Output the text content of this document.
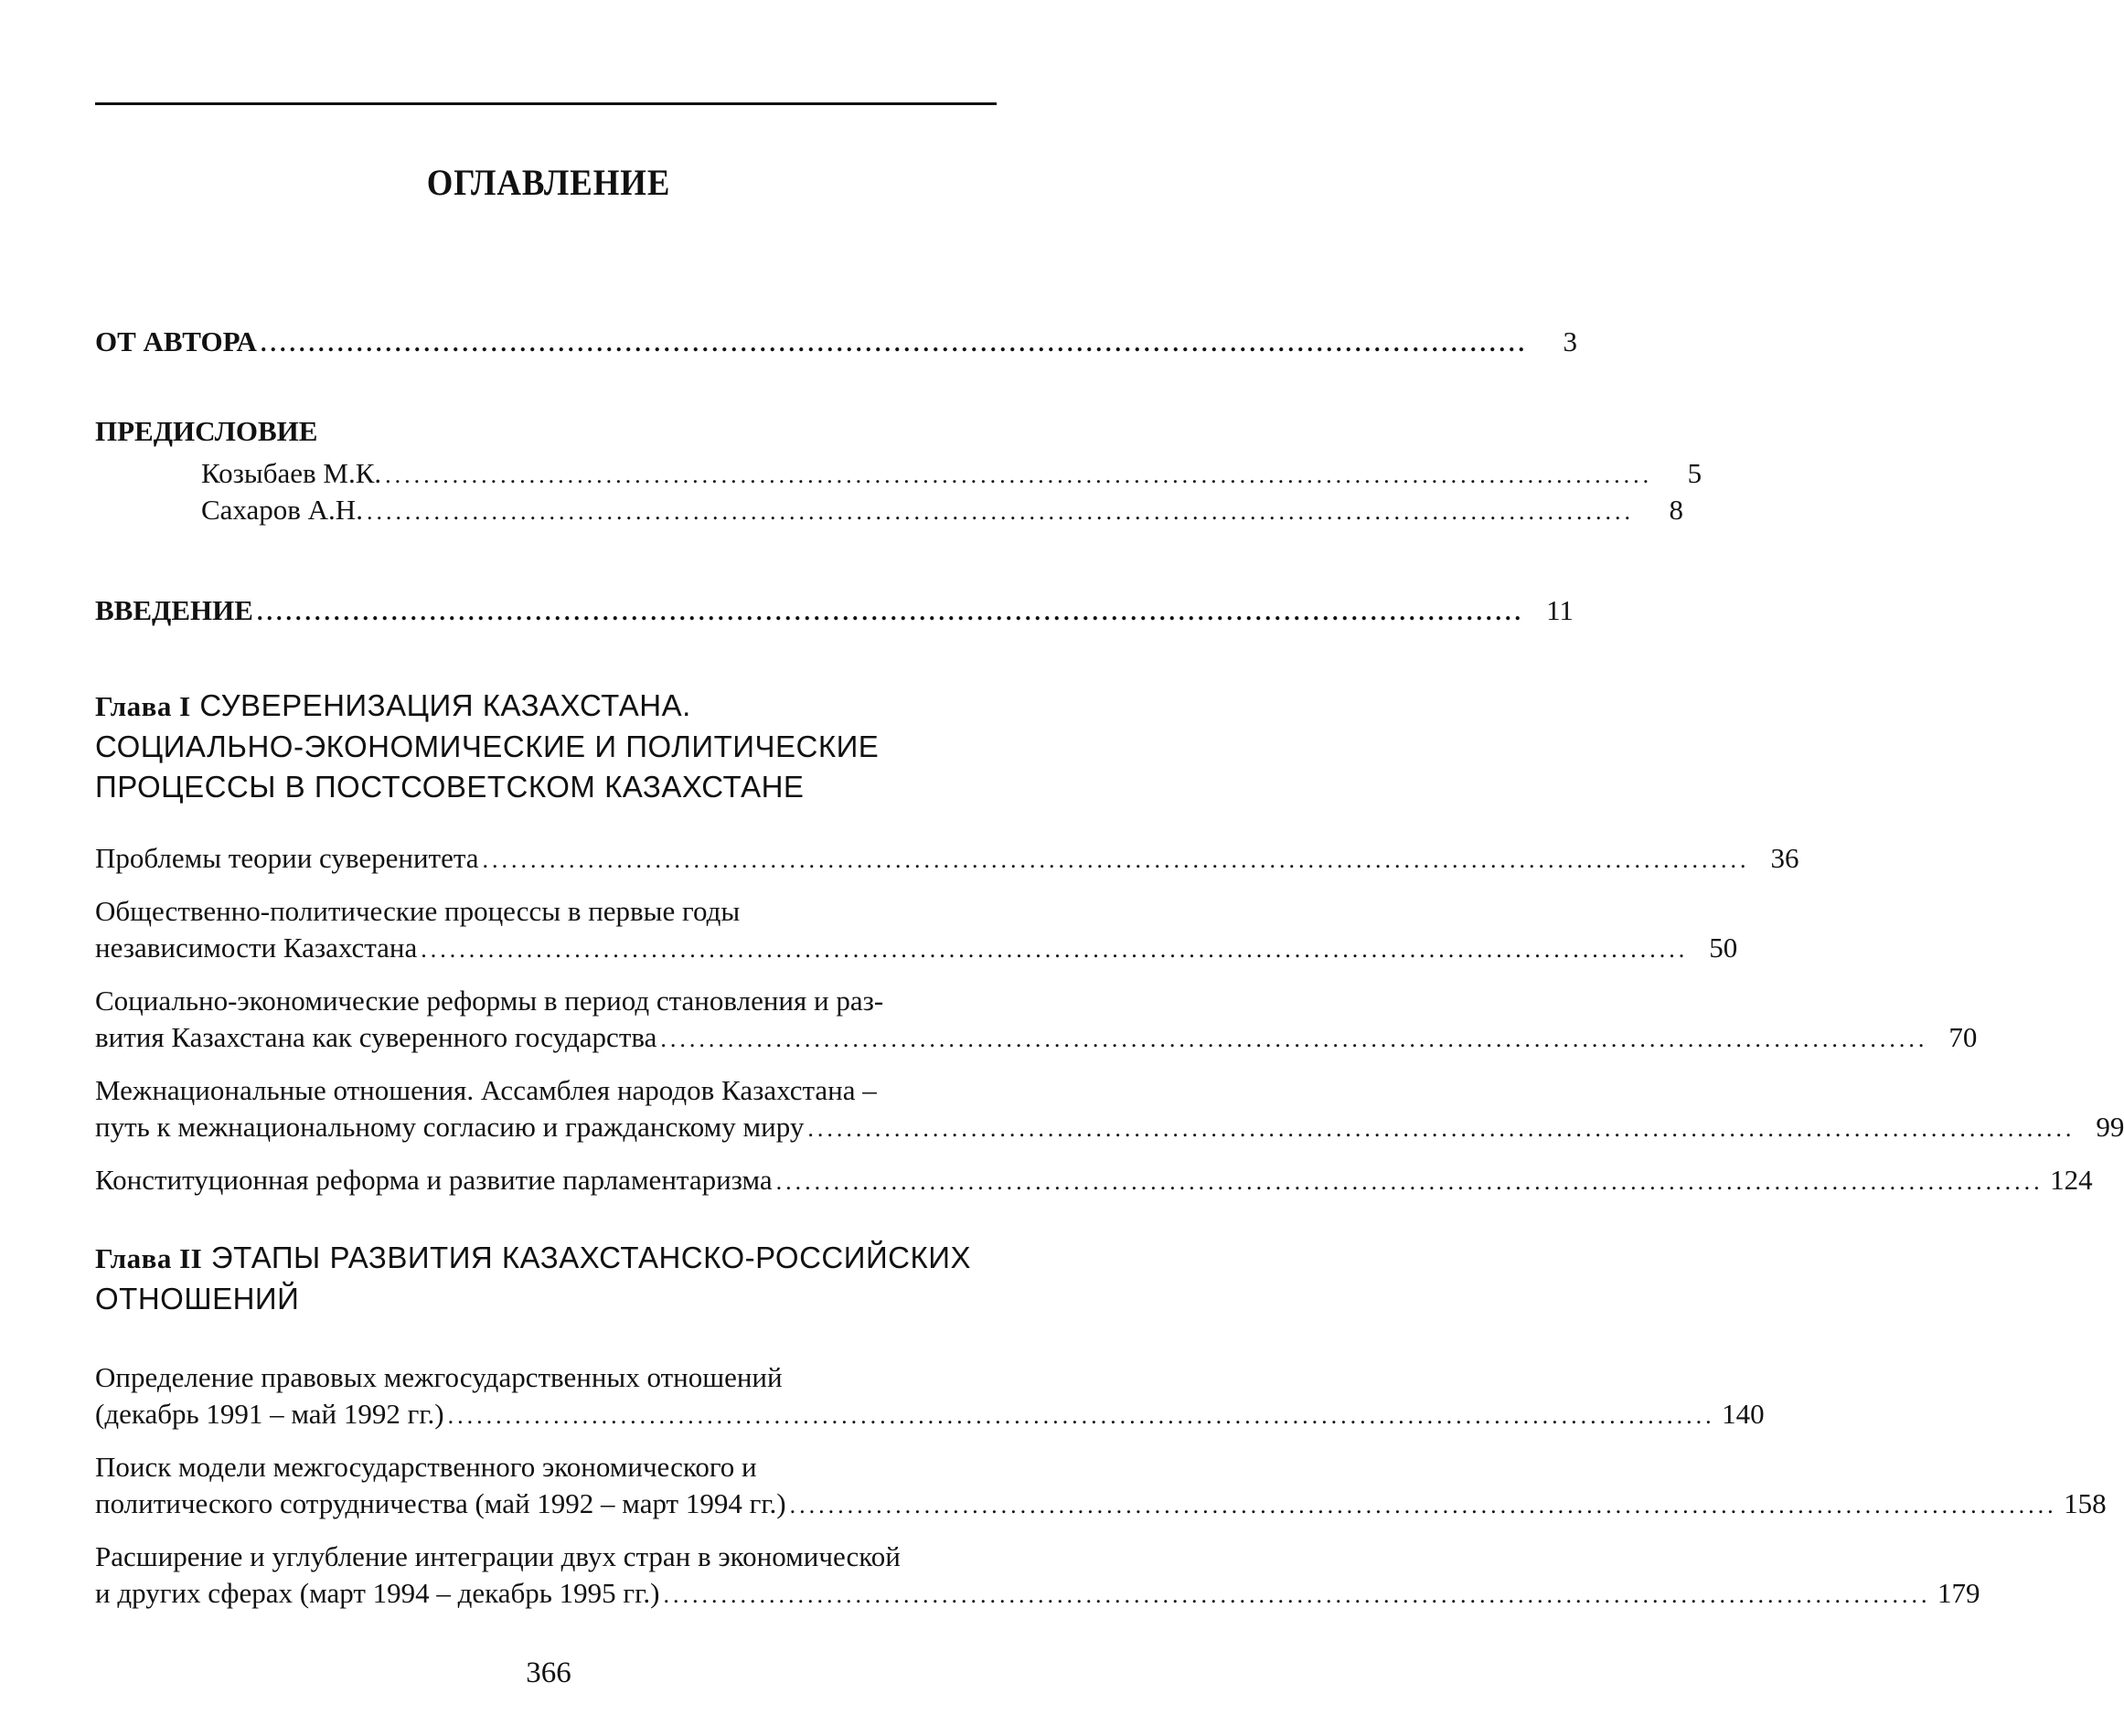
ОГЛАВЛЕНИЕ
ОТ АВТОРА ....................................................................................................................................	3
ПРЕДИСЛОВИЕ
Козыбаев М.К. ....................................................................................................................................	5
Сахаров А.Н. ....................................................................................................................................	8
ВВЕДЕНИЕ .................................................................................................................................... 11
Глава I СУВЕРЕНИЗАЦИЯ КАЗАХСТАНА.
СОЦИАЛЬНО-ЭКОНОМИЧЕСКИЕ И ПОЛИТИЧЕСКИЕ
ПРОЦЕССЫ В ПОСТСОВЕТСКОМ КАЗАХСТАНЕ
Проблемы теории суверенитета .................................................................................................................................... 36
Общественно-политические процессы в первые годы
независимости Казахстана .................................................................................................................................... 50
Социально-экономические реформы в период становления и раз-
вития Казахстана как суверенного государства .................................................................................................................................... 70
Межнациональные отношения. Ассамблея народов Казахстана –
путь к межнациональному согласию и гражданскому миру .................................................................................................................................... 99
Конституционная реформа и развитие парламентаризма .................................................................................................................................... 124
Глава II ЭТАПЫ РАЗВИТИЯ КАЗАХСТАНСКО-РОССИЙСКИХ
ОТНОШЕНИЙ
Определение правовых межгосударственных отношений
(декабрь 1991 – май 1992 гг.) .................................................................................................................................... 140
Поиск модели межгосударственного экономического и
политического сотрудничества (май 1992 – март 1994 гг.) .................................................................................................................................... 158
Расширение и углубление интеграции двух стран в экономической
и других сферах (март 1994 – декабрь 1995 гг.) .................................................................................................................................... 179
366
